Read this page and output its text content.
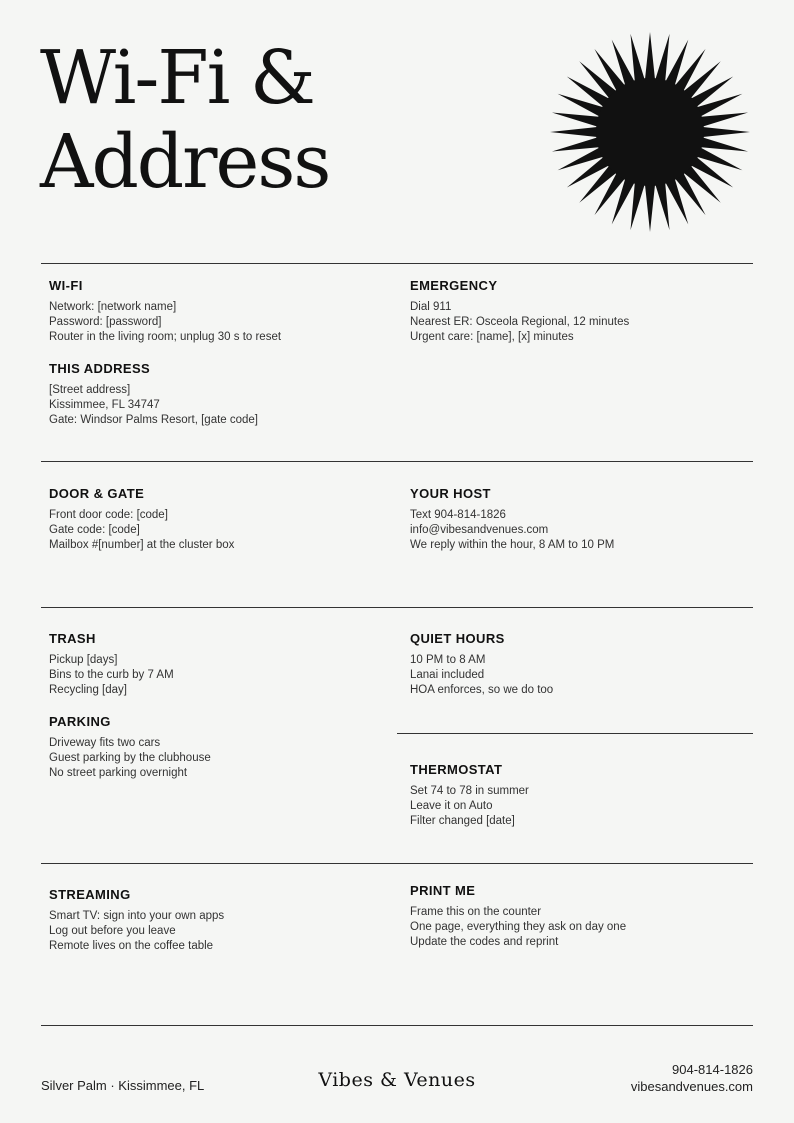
Wi-Fi &
Address
WI-FI
Network: [network name]
Password: [password]
Router in the living room; unplug 30 s to reset
THIS ADDRESS
[Street address]
Kissimmee, FL 34747
Gate: Windsor Palms Resort, [gate code]
EMERGENCY
Dial 911
Nearest ER: Osceola Regional, 12 minutes
Urgent care: [name], [x] minutes
DOOR & GATE
Front door code: [code]
Gate code: [code]
Mailbox #[number] at the cluster box
YOUR HOST
Text 904-814-1826
info@vibesandvenues.com
We reply within the hour, 8 AM to 10 PM
TRASH
Pickup [days]
Bins to the curb by 7 AM
Recycling [day]
PARKING
Driveway fits two cars
Guest parking by the clubhouse
No street parking overnight
QUIET HOURS
10 PM to 8 AM
Lanai included
HOA enforces, so we do too
THERMOSTAT
Set 74 to 78 in summer
Leave it on Auto
Filter changed [date]
STREAMING
Smart TV: sign into your own apps
Log out before you leave
Remote lives on the coffee table
PRINT ME
Frame this on the counter
One page, everything they ask on day one
Update the codes and reprint
Silver Palm · Kissimmee, FL	Vibes & Venues	904-814-1826
vibesandvenues.com
